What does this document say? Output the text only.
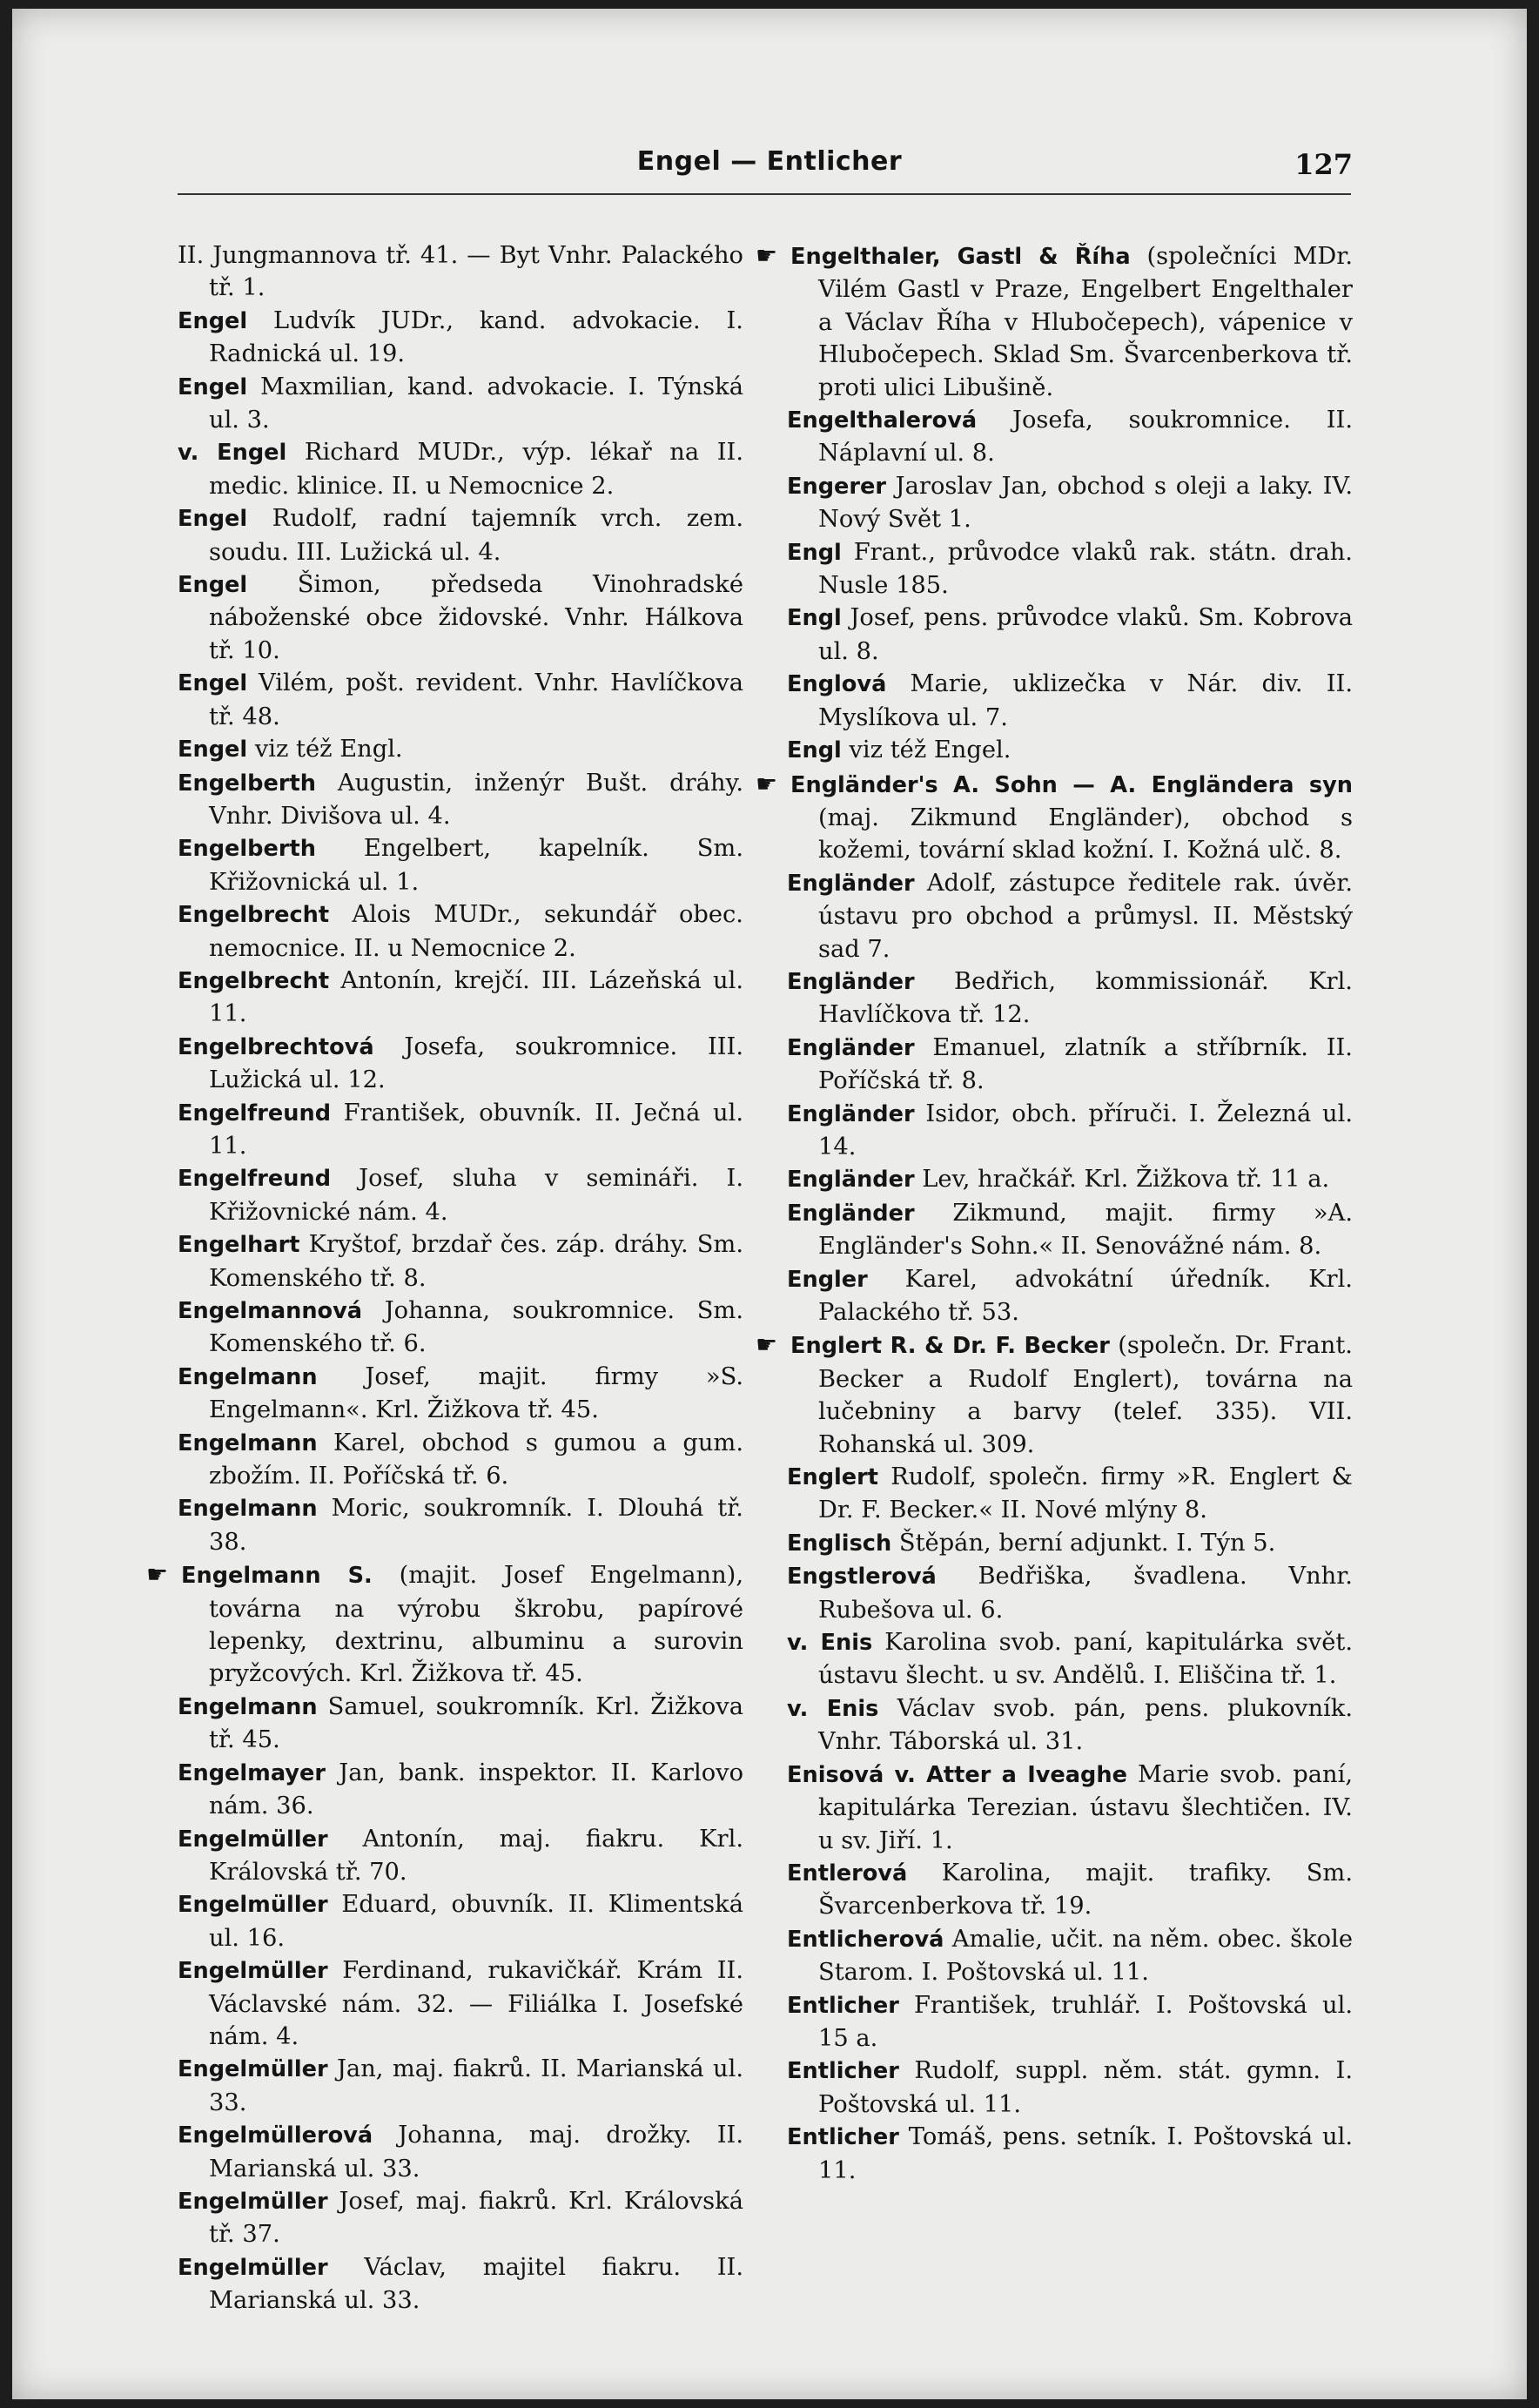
Engel — Entlicher	127
II. Jungmannova tř. 41. — Byt Vnhr. Palackého tř. 1.
Engel Ludvík JUDr., kand. advokacie. I. Radnická ul. 19.
Engel Maxmilian, kand. advokacie. I. Týnská ul. 3.
v. Engel Richard MUDr., výp. lékař na II. medic. klinice. II. u Nemocnice 2.
Engel Rudolf, radní tajemník vrch. zem. soudu. III. Lužická ul. 4.
Engel Šimon, předseda Vinohradské náboženské obce židovské. Vnhr. Hálkova tř. 10.
Engel Vilém, pošt. revident. Vnhr. Havlíčkova tř. 48.
Engel viz též Engl.
Engelberth Augustin, inženýr Bušt. dráhy. Vnhr. Divišova ul. 4.
Engelberth Engelbert, kapelník. Sm. Křižovnická ul. 1.
Engelbrecht Alois MUDr., sekundář obec. nemocnice. II. u Nemocnice 2.
Engelbrecht Antonín, krejčí. III. Lázeňská ul. 11.
Engelbrechtová Josefa, soukromnice. III. Lužická ul. 12.
Engelfreund František, obuvník. II. Ječná ul. 11.
Engelfreund Josef, sluha v semináři. I. Křižovnické nám. 4.
Engelhart Kryštof, brzdař čes. záp. dráhy. Sm. Komenského tř. 8.
Engelmannová Johanna, soukromnice. Sm. Komenského tř. 6.
Engelmann Josef, majit. firmy »S. Engelmann«. Krl. Žižkova tř. 45.
Engelmann Karel, obchod s gumou a gum. zbožím. II. Poříčská tř. 6.
Engelmann Moric, soukromník. I. Dlouhá tř. 38.
☛ Engelmann S. (majit. Josef Engelmann), továrna na výrobu škrobu, papírové lepenky, dextrinu, albuminu a surovin pryžcových. Krl. Žižkova tř. 45.
Engelmann Samuel, soukromník. Krl. Žižkova tř. 45.
Engelmayer Jan, bank. inspektor. II. Karlovo nám. 36.
Engelmüller Antonín, maj. fiakru. Krl. Královská tř. 70.
Engelmüller Eduard, obuvník. II. Klimentská ul. 16.
Engelmüller Ferdinand, rukavičkář. Krám II. Václavské nám. 32. — Filiálka I. Josefské nám. 4.
Engelmüller Jan, maj. fiakrů. II. Marianská ul. 33.
Engelmüllerová Johanna, maj. drožky. II. Marianská ul. 33.
Engelmüller Josef, maj. fiakrů. Krl. Královská tř. 37.
Engelmüller Václav, majitel fiakru. II. Marianská ul. 33.
☛ Engelthaler, Gastl & Říha (společníci MDr. Vilém Gastl v Praze, Engelbert Engelthaler a Václav Říha v Hlubočepech), vápenice v Hlubočepech. Sklad Sm. Švarcenberkova tř. proti ulici Libušině.
Engelthalerová Josefa, soukromnice. II. Náplavní ul. 8.
Engerer Jaroslav Jan, obchod s oleji a laky. IV. Nový Svět 1.
Engl Frant., průvodce vlaků rak. státn. drah. Nusle 185.
Engl Josef, pens. průvodce vlaků. Sm. Kobrova ul. 8.
Englová Marie, uklizečka v Nár. div. II. Myslíkova ul. 7.
Engl viz též Engel.
☛ Engländer's A. Sohn — A. Engländera syn (maj. Zikmund Engländer), obchod s kožemi, tovární sklad kožní. I. Kožná ulč. 8.
Engländer Adolf, zástupce ředitele rak. úvěr. ústavu pro obchod a průmysl. II. Městský sad 7.
Engländer Bedřich, kommissionář. Krl. Havlíčkova tř. 12.
Engländer Emanuel, zlatník a stříbrník. II. Poříčská tř. 8.
Engländer Isidor, obch. příruči. I. Železná ul. 14.
Engländer Lev, hračkář. Krl. Žižkova tř. 11 a.
Engländer Zikmund, majit. firmy »A. Engländer's Sohn.« II. Senovážné nám. 8.
Engler Karel, advokátní úředník. Krl. Palackého tř. 53.
☛ Englert R. & Dr. F. Becker (společn. Dr. Frant. Becker a Rudolf Englert), továrna na lučebniny a barvy (telef. 335). VII. Rohanská ul. 309.
Englert Rudolf, společn. firmy »R. Englert & Dr. F. Becker.« II. Nové mlýny 8.
Englisch Štěpán, berní adjunkt. I. Týn 5.
Engstlerová Bedřiška, švadlena. Vnhr. Rubešova ul. 6.
v. Enis Karolina svob. paní, kapitulárka svět. ústavu šlecht. u sv. Andělů. I. Eliščina tř. 1.
v. Enis Václav svob. pán, pens. plukovník. Vnhr. Táborská ul. 31.
Enisová v. Atter a Iveaghe Marie svob. paní, kapitulárka Terezian. ústavu šlechtičen. IV. u sv. Jiří. 1.
Entlerová Karolina, majit. trafiky. Sm. Švarcenberkova tř. 19.
Entlicherová Amalie, učit. na něm. obec. škole Starom. I. Poštovská ul. 11.
Entlicher František, truhlář. I. Poštovská ul. 15 a.
Entlicher Rudolf, suppl. něm. stát. gymn. I. Poštovská ul. 11.
Entlicher Tomáš, pens. setník. I. Poštovská ul. 11.
